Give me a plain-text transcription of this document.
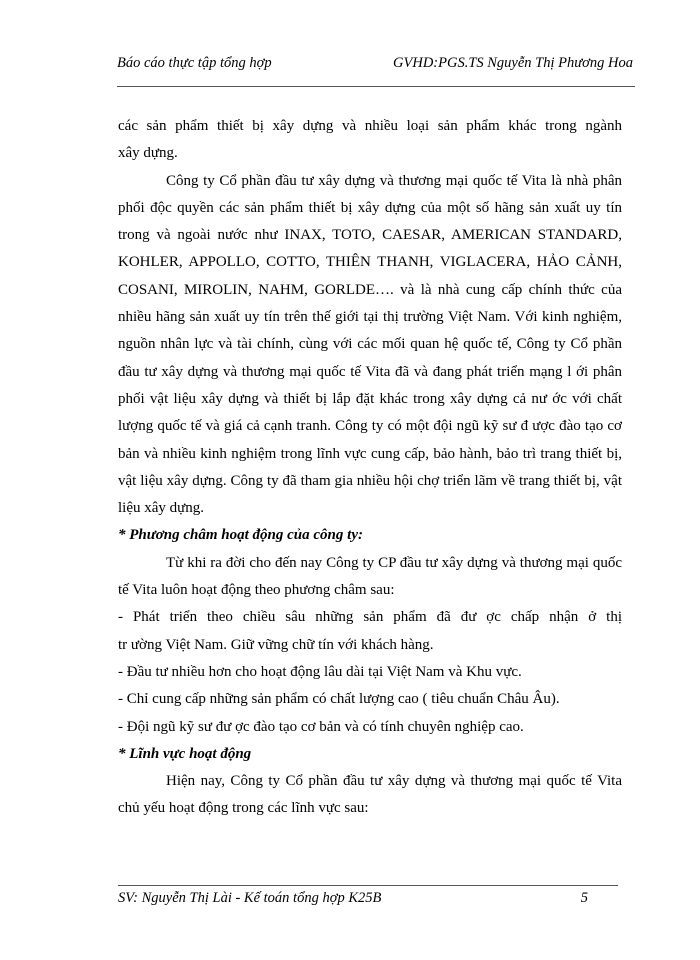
Báo cáo thực tập tổng hợp	GVHD:PGS.TS Nguyễn Thị Phương Hoa

các sản phẩm thiết bị xây dựng và nhiều loại sản phẩm khác trong ngành

xây dựng.

Công ty Cổ phần đầu tư xây dựng và thương mại quốc tế Vita là nhà phân phối độc quyền các sản phẩm thiết bị xây dựng của một số hãng sản xuất uy tín trong và ngoài nước như INAX, TOTO, CAESAR, AMERICAN STANDARD, KOHLER, APPOLLO, COTTO, THIÊN THANH, VIGLACERA, HẢO CẢNH, COSANI, MIROLIN, NAHM, GORLDE…. và là nhà cung cấp chính thức của nhiều hãng sản xuất uy tín trên thế giới tại thị trường Việt Nam. Với kinh nghiệm, nguồn nhân lực và tài chính, cùng với các mối quan hệ quốc tế, Công ty Cổ phần đầu tư xây dựng và thương mại quốc tế Vita đã và đang phát triển mạng l ới phân phối vật liệu xây dựng và thiết bị lắp đặt khác trong xây dựng cả nư ớc với chất lượng quốc tế và giá cả cạnh tranh. Công ty có một đội ngũ kỹ sư đ ược đào tạo cơ bản và nhiều kinh nghiệm trong lĩnh vực cung cấp, bảo hành, bảo trì trang thiết bị, vật liệu xây dựng. Công ty đã tham gia nhiều hội chợ triển lãm về trang thiết bị, vật liệu xây dựng.

* Phương châm hoạt động của công ty:

Từ khi ra đời cho đến nay Công ty CP đầu tư xây dựng và thương mại quốc tế Vita luôn hoạt động theo phương châm sau:

- Phát triển theo chiều sâu những sản phẩm đã đư ợc chấp nhận ở thị

tr ường Việt Nam. Giữ vững chữ tín với khách hàng.

- Đầu tư nhiều hơn cho hoạt động lâu dài tại Việt Nam và Khu vực.

- Chỉ cung cấp những sản phẩm có chất lượng cao ( tiêu chuẩn Châu Âu).

- Đội ngũ kỹ sư đư ợc đào tạo cơ bản và có tính chuyên nghiệp cao.

* Lĩnh vực hoạt động

Hiện nay, Công ty Cổ phần đầu tư xây dựng và thương mại quốc tế Vita chủ yếu hoạt động trong các lĩnh vực sau:

SV: Nguyễn Thị Lài - Kế toán tổng hợp K25B	5
